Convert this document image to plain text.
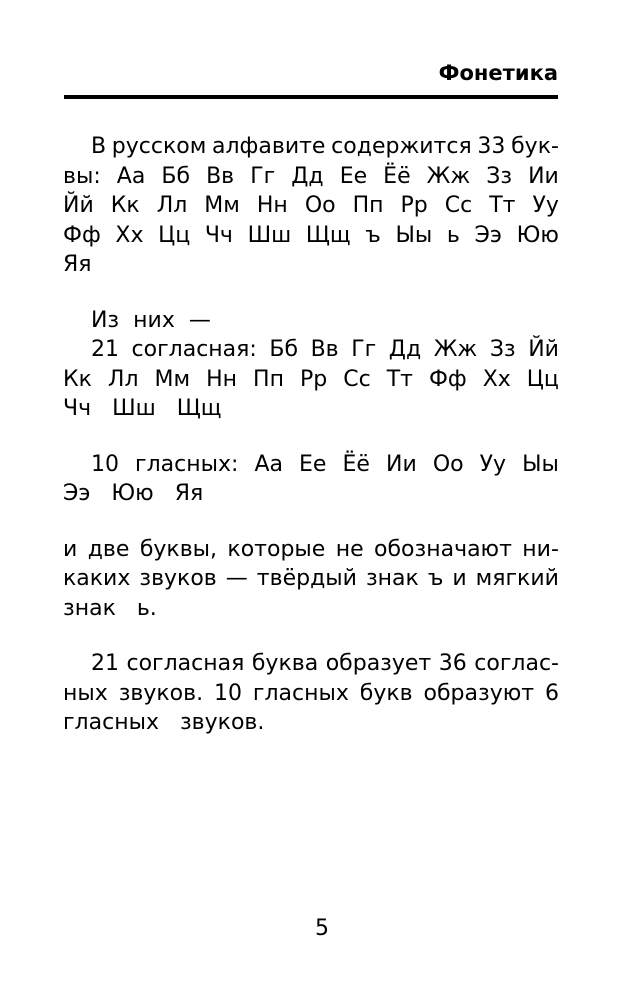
Фонетика
В русском алфавите содержится 33 бук-
вы: Аа Бб Вв Гг Дд Ее Ёё Жж Зз Ии
Йй Кк Лл Мм Нн Оо Пп Рр Сс Тт Уу
Фф Хх Цц Чч Шш Щщ ъ Ыы ь Ээ Юю
Яя
Из них —
21 согласная: Бб Вв Гг Дд Жж Зз Йй
Кк Лл Мм Нн Пп Рр Сс Тт Фф Хх Цц
Чч Шш Щщ
10 гласных: Аа Ее Ёё Ии Оо Уу Ыы
Ээ Юю Яя
и две буквы, которые не обозначают ни-
каких звуков — твёрдый знак ъ и мягкий
знак ь.
21 согласная буква образует 36 соглас-
ных звуков. 10 гласных букв образуют 6
гласных звуков.
5
